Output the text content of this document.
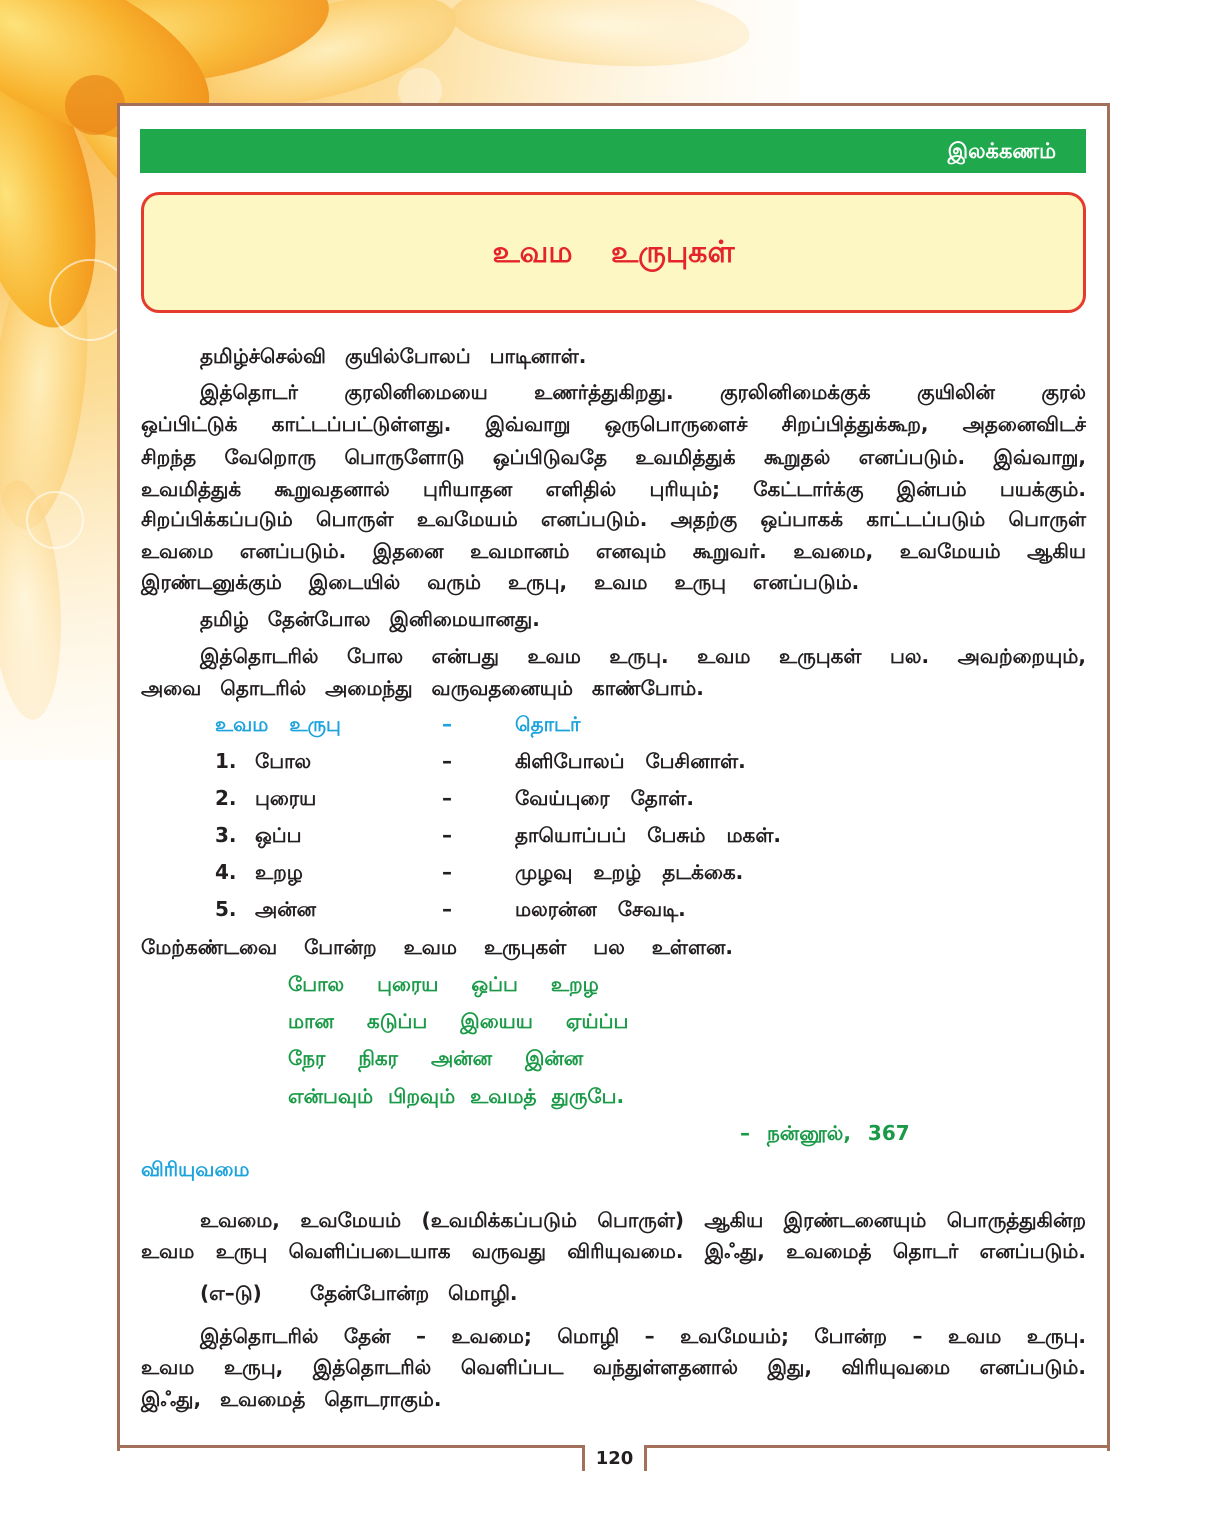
120
இலக்கணம்
உவம உருபுகள்
தமிழ்ச்செல்வி குயில்போலப் பாடினாள்.
இத்தொடர் குரலினிமையை உணர்த்துகிறது. குரலினிமைக்குக் குயிலின் குரல்
ஒப்பிட்டுக் காட்டப்பட்டுள்ளது. இவ்வாறு ஒருபொருளைச் சிறப்பித்துக்கூற, அதனைவிடச்
சிறந்த வேறொரு பொருளோடு ஒப்பிடுவதே உவமித்துக் கூறுதல் எனப்படும். இவ்வாறு,
உவமித்துக் கூறுவதனால் புரியாதன எளிதில் புரியும்; கேட்டார்க்கு இன்பம் பயக்கும்.
சிறப்பிக்கப்படும் பொருள் உவமேயம் எனப்படும். அதற்கு ஒப்பாகக் காட்டப்படும் பொருள்
உவமை எனப்படும். இதனை உவமானம் எனவும் கூறுவர். உவமை, உவமேயம் ஆகிய
இரண்டனுக்கும் இடையில் வரும் உருபு, உவம உருபு எனப்படும்.
தமிழ் தேன்போல இனிமையானது.
இத்தொடரில் போல என்பது உவம உருபு. உவம உருபுகள் பல. அவற்றையும்,
அவை தொடரில் அமைந்து வருவதனையும் காண்போம்.
உவம உருபு	–	தொடர்
1. போல	–	கிளிபோலப் பேசினாள்.
2. புரைய	–	வேய்புரை தோள்.
3. ஒப்ப	–	தாயொப்பப் பேசும் மகள்.
4. உறழ	–	முழவு உறழ் தடக்கை.
5. அன்ன	–	மலரன்ன சேவடி.
மேற்கண்டவை போன்ற உவம உருபுகள் பல உள்ளன.
போல புரைய ஒப்ப உறழ
மான கடுப்ப இயைய ஏய்ப்ப
நேர நிகர அன்ன இன்ன
என்பவும் பிறவும் உவமத் துருபே.
– நன்னூல், 367
விரியுவமை
உவமை, உவமேயம் (உவமிக்கப்படும் பொருள்) ஆகிய இரண்டனையும் பொருத்துகின்ற
உவம உருபு வெளிப்படையாக வருவது விரியுவமை. இஃது, உவமைத் தொடர் எனப்படும்.
(எ–டு)	தேன்போன்ற மொழி.
இத்தொடரில் தேன் – உவமை; மொழி – உவமேயம்; போன்ற – உவம உருபு.
உவம உருபு, இத்தொடரில் வெளிப்பட வந்துள்ளதனால் இது, விரியுவமை எனப்படும்.
இஃது, உவமைத் தொடராகும்.
